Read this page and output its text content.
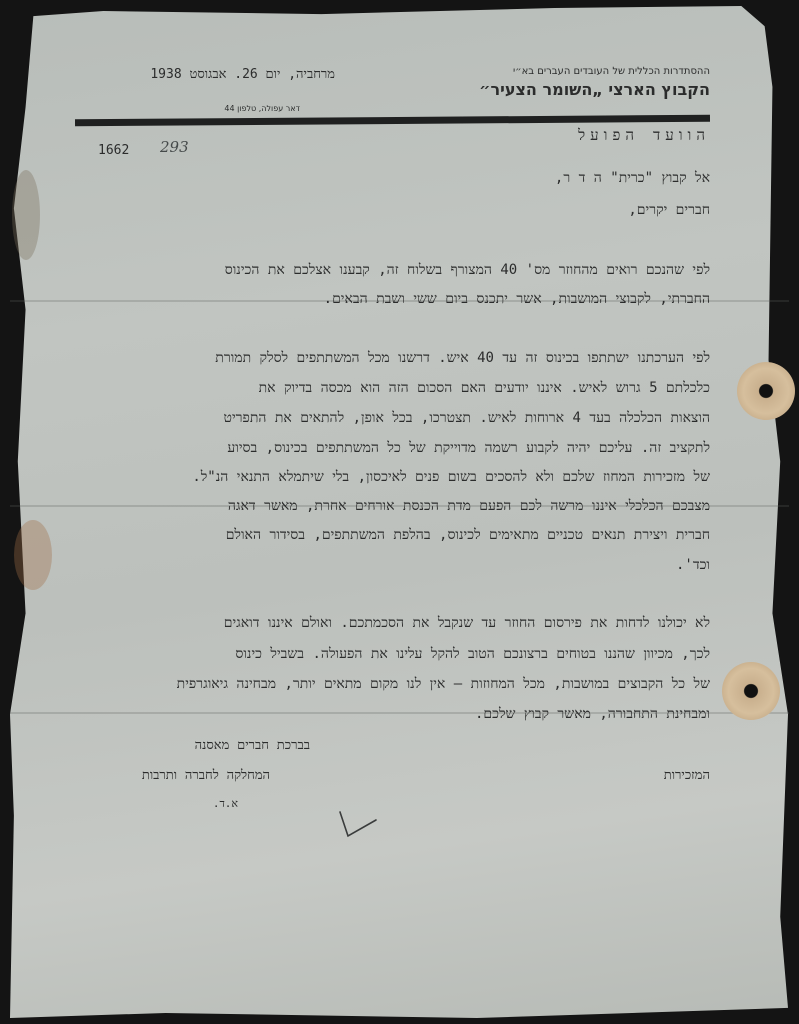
ההסתדרות הכללית של העובדים העברים בא״י
הקבוץ הארצי „השומר הצעיר״
מרחביה, יום 26. אבגוסט 1938
דאר עפולה, טלפון 44
הוועד הפועל
1662	293
אל קבוץ "כרית" ה ד ר,
חברים יקרים,
לפי שהנכם רואים מהחוזר מס' 40 המצורף בשלוח זה, קבענו אצלכם את הכינוס
החברתי, לקבוצי המושבות, אשר יתכנס ביום ששי ושבת הבאים.
לפי הערכתנו ישתתפו בכינוס זה עד 40 איש. דרשנו מכל המשתתפים לסלק תמורת
כלכלתם 5 גרוש לאיש. איננו יודעים האם הסכום הזה הוא מכסה בדיוק את
הוצאות הכלכלה בעד 4 ארוחות לאיש. תצטרכו, בכל אופן, להתאים את התפריט
לתקציב זה. עליכם יהיה לקבוע רשמה מדוייקת של כל המשתתפים בכינוס, בסיוע
של מזכירות המחוז שלכם ולא להסכים בשום פנים לאיכסון, בלי שיתמלא התנאי הנ"ל.
מצבכם הכלכלי איננו מרשה לכם הפעם מדת הכנסת אורחים אחרת, מאשר דאגה
חברית ויצירת תנאים טכניים מתאימים לכינוס, בהלפת המשתתפים, בסידור האולם
וכד'.
לא יכולנו לדחות את פירסום החוזר עד שנקבל את הסכמתכם. ואולם איננו דואגים
לכך, מכיוון שהננו בטוחים ברצונכם הטוב להקל עלינו את הפעולה. בשביל כינוס
של כל הקבוצים במושבות, מכל המחוזות — אין לנו מקום מתאים יותר, מבחינה גיאוגרפית
ומבחינת התחבורה, מאשר קבוץ שלכם.
בברכת חברים מאסנה
המחלקה לחברה ותרבות	המזכירות
א.ד.
